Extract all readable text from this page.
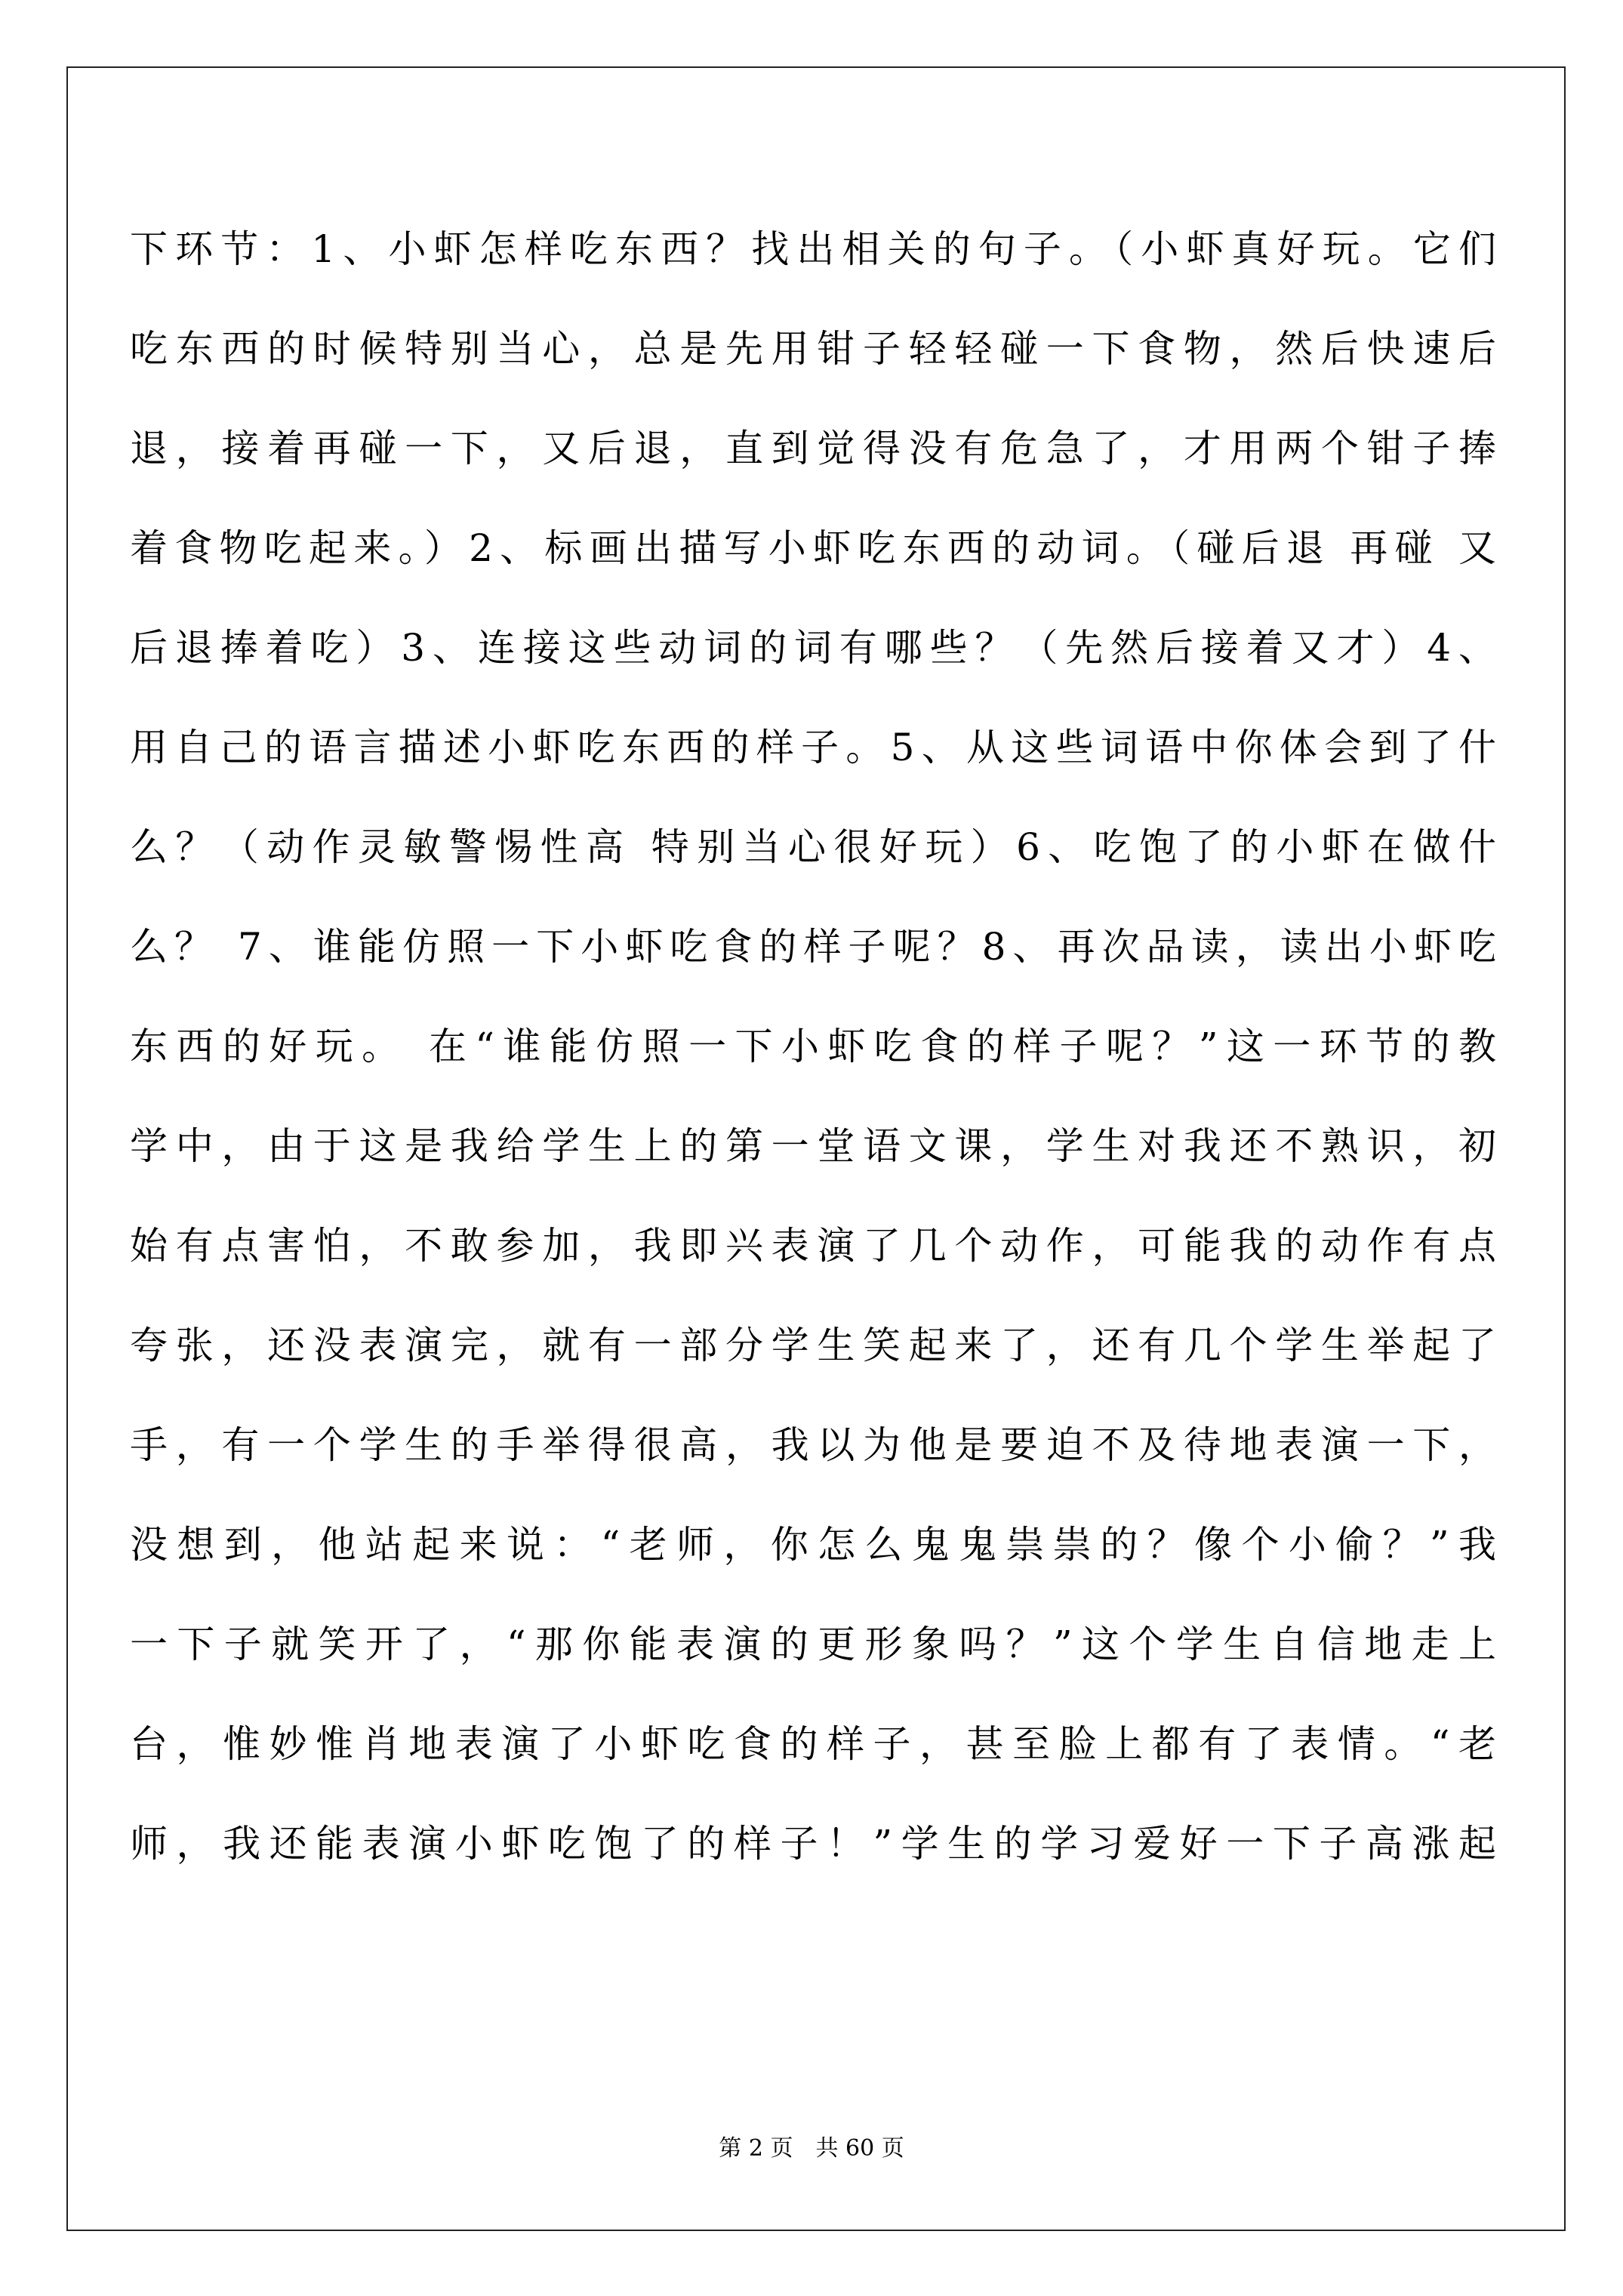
下环节：1、小虾怎样吃东西？找出相关的句子。（小虾真好玩。它们
吃东西的时候特别当心，总是先用钳子轻轻碰一下食物，然后快速后
退，接着再碰一下，又后退，直到觉得没有危急了，才用两个钳子捧
着食物吃起来。）2、标画出描写小虾吃东西的动词。（碰后退 再碰 又
后退捧着吃）3、连接这些动词的词有哪些？（先然后接着又才）4、
用自己的语言描述小虾吃东西的样子。5、从这些词语中你体会到了什
么？（动作灵敏警惕性高 特别当心很好玩）6、吃饱了的小虾在做什
么？ 7、谁能仿照一下小虾吃食的样子呢？8、再次品读，读出小虾吃
东西的好玩。 在“谁能仿照一下小虾吃食的样子呢？”这一环节的教
学中，由于这是我给学生上的第一堂语文课，学生对我还不熟识，初
始有点害怕，不敢参加，我即兴表演了几个动作，可能我的动作有点
夸张，还没表演完，就有一部分学生笑起来了，还有几个学生举起了
手，有一个学生的手举得很高，我以为他是要迫不及待地表演一下，
没想到，他站起来说：“老师，你怎么鬼鬼祟祟的？像个小偷？”我
一下子就笑开了，“那你能表演的更形象吗？”这个学生自信地走上
台，惟妙惟肖地表演了小虾吃食的样子，甚至脸上都有了表情。“老
师，我还能表演小虾吃饱了的样子！”学生的学习爱好一下子高涨起
第 2 页 共 60 页
